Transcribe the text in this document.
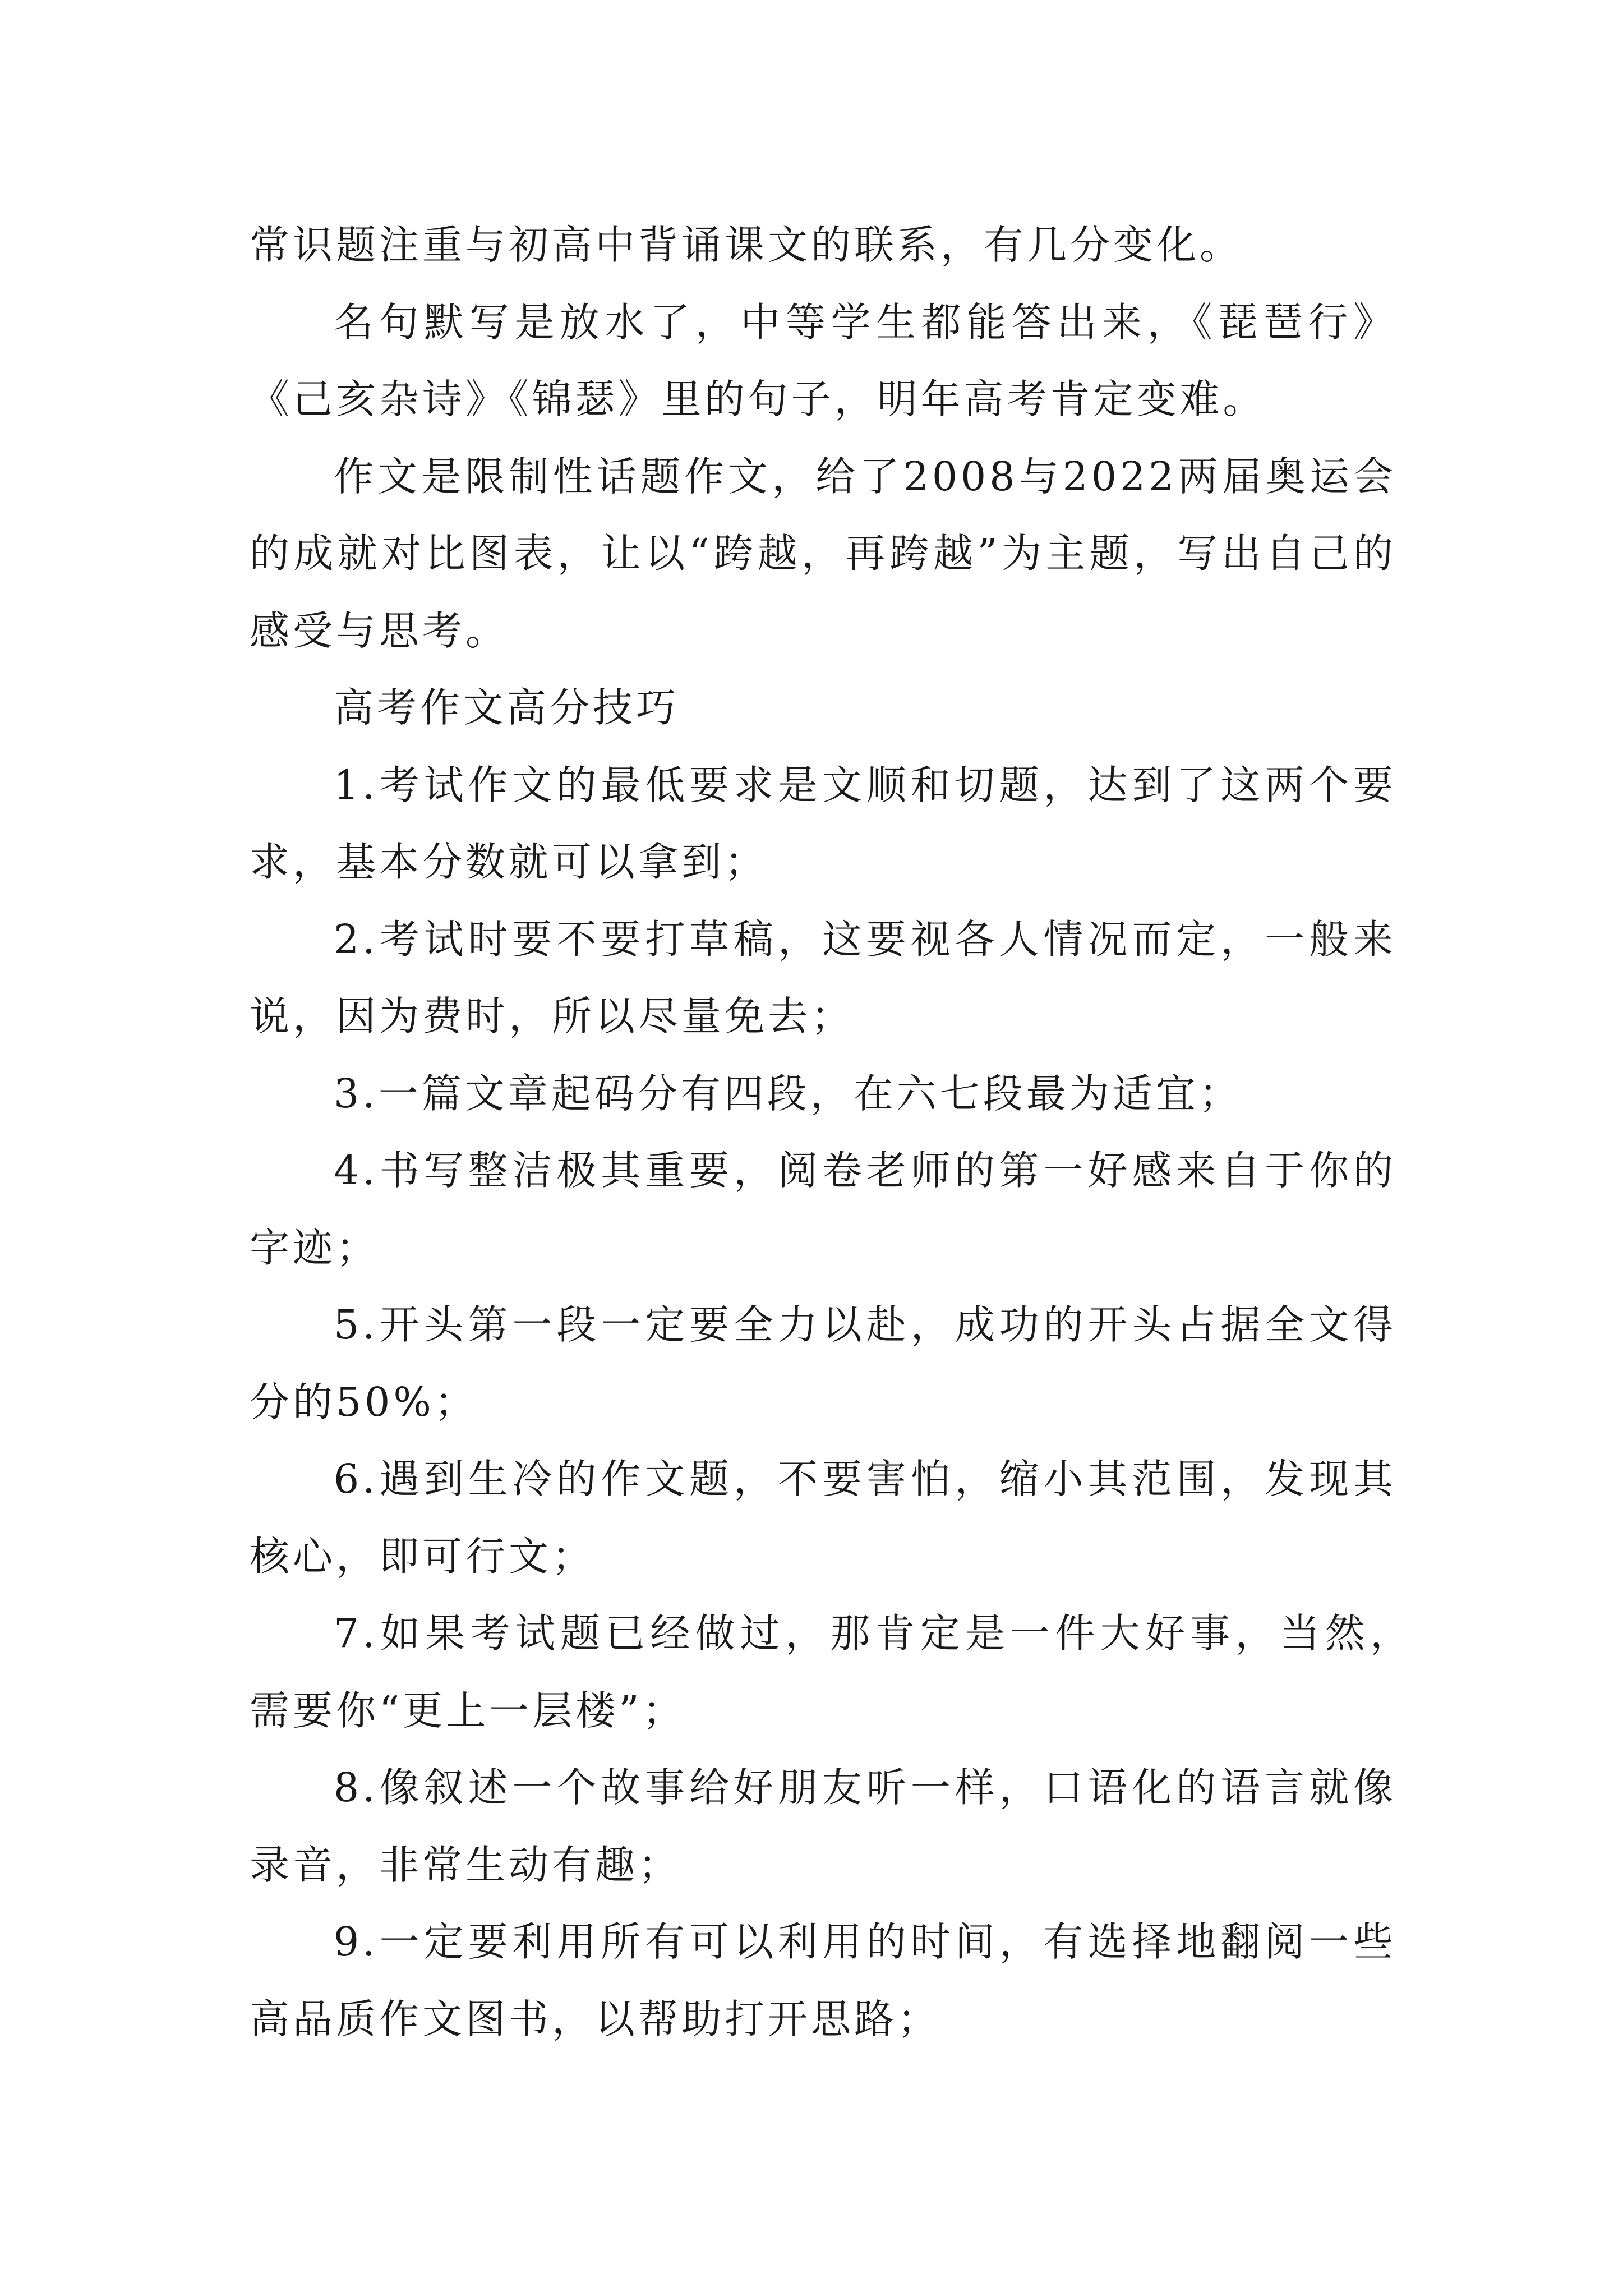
常识题注重与初高中背诵课文的联系，有几分变化。

名句默写是放水了，中等学生都能答出来，《琵琶行》《己亥杂诗》《锦瑟》里的句子，明年高考肯定变难。

作文是限制性话题作文，给了2008与2022两届奥运会的成就对比图表，让以“跨越，再跨越”为主题，写出自己的感受与思考。

高考作文高分技巧

1.考试作文的最低要求是文顺和切题，达到了这两个要求，基本分数就可以拿到；

2.考试时要不要打草稿，这要视各人情况而定，一般来说，因为费时，所以尽量免去；

3.一篇文章起码分有四段，在六七段最为适宜；

4.书写整洁极其重要，阅卷老师的第一好感来自于你的字迹；

5.开头第一段一定要全力以赴，成功的开头占据全文得分的50%；

6.遇到生冷的作文题，不要害怕，缩小其范围，发现其核心，即可行文；

7.如果考试题已经做过，那肯定是一件大好事，当然，需要你“更上一层楼”；

8.像叙述一个故事给好朋友听一样，口语化的语言就像录音，非常生动有趣；

9.一定要利用所有可以利用的时间，有选择地翻阅一些高品质作文图书，以帮助打开思路；
